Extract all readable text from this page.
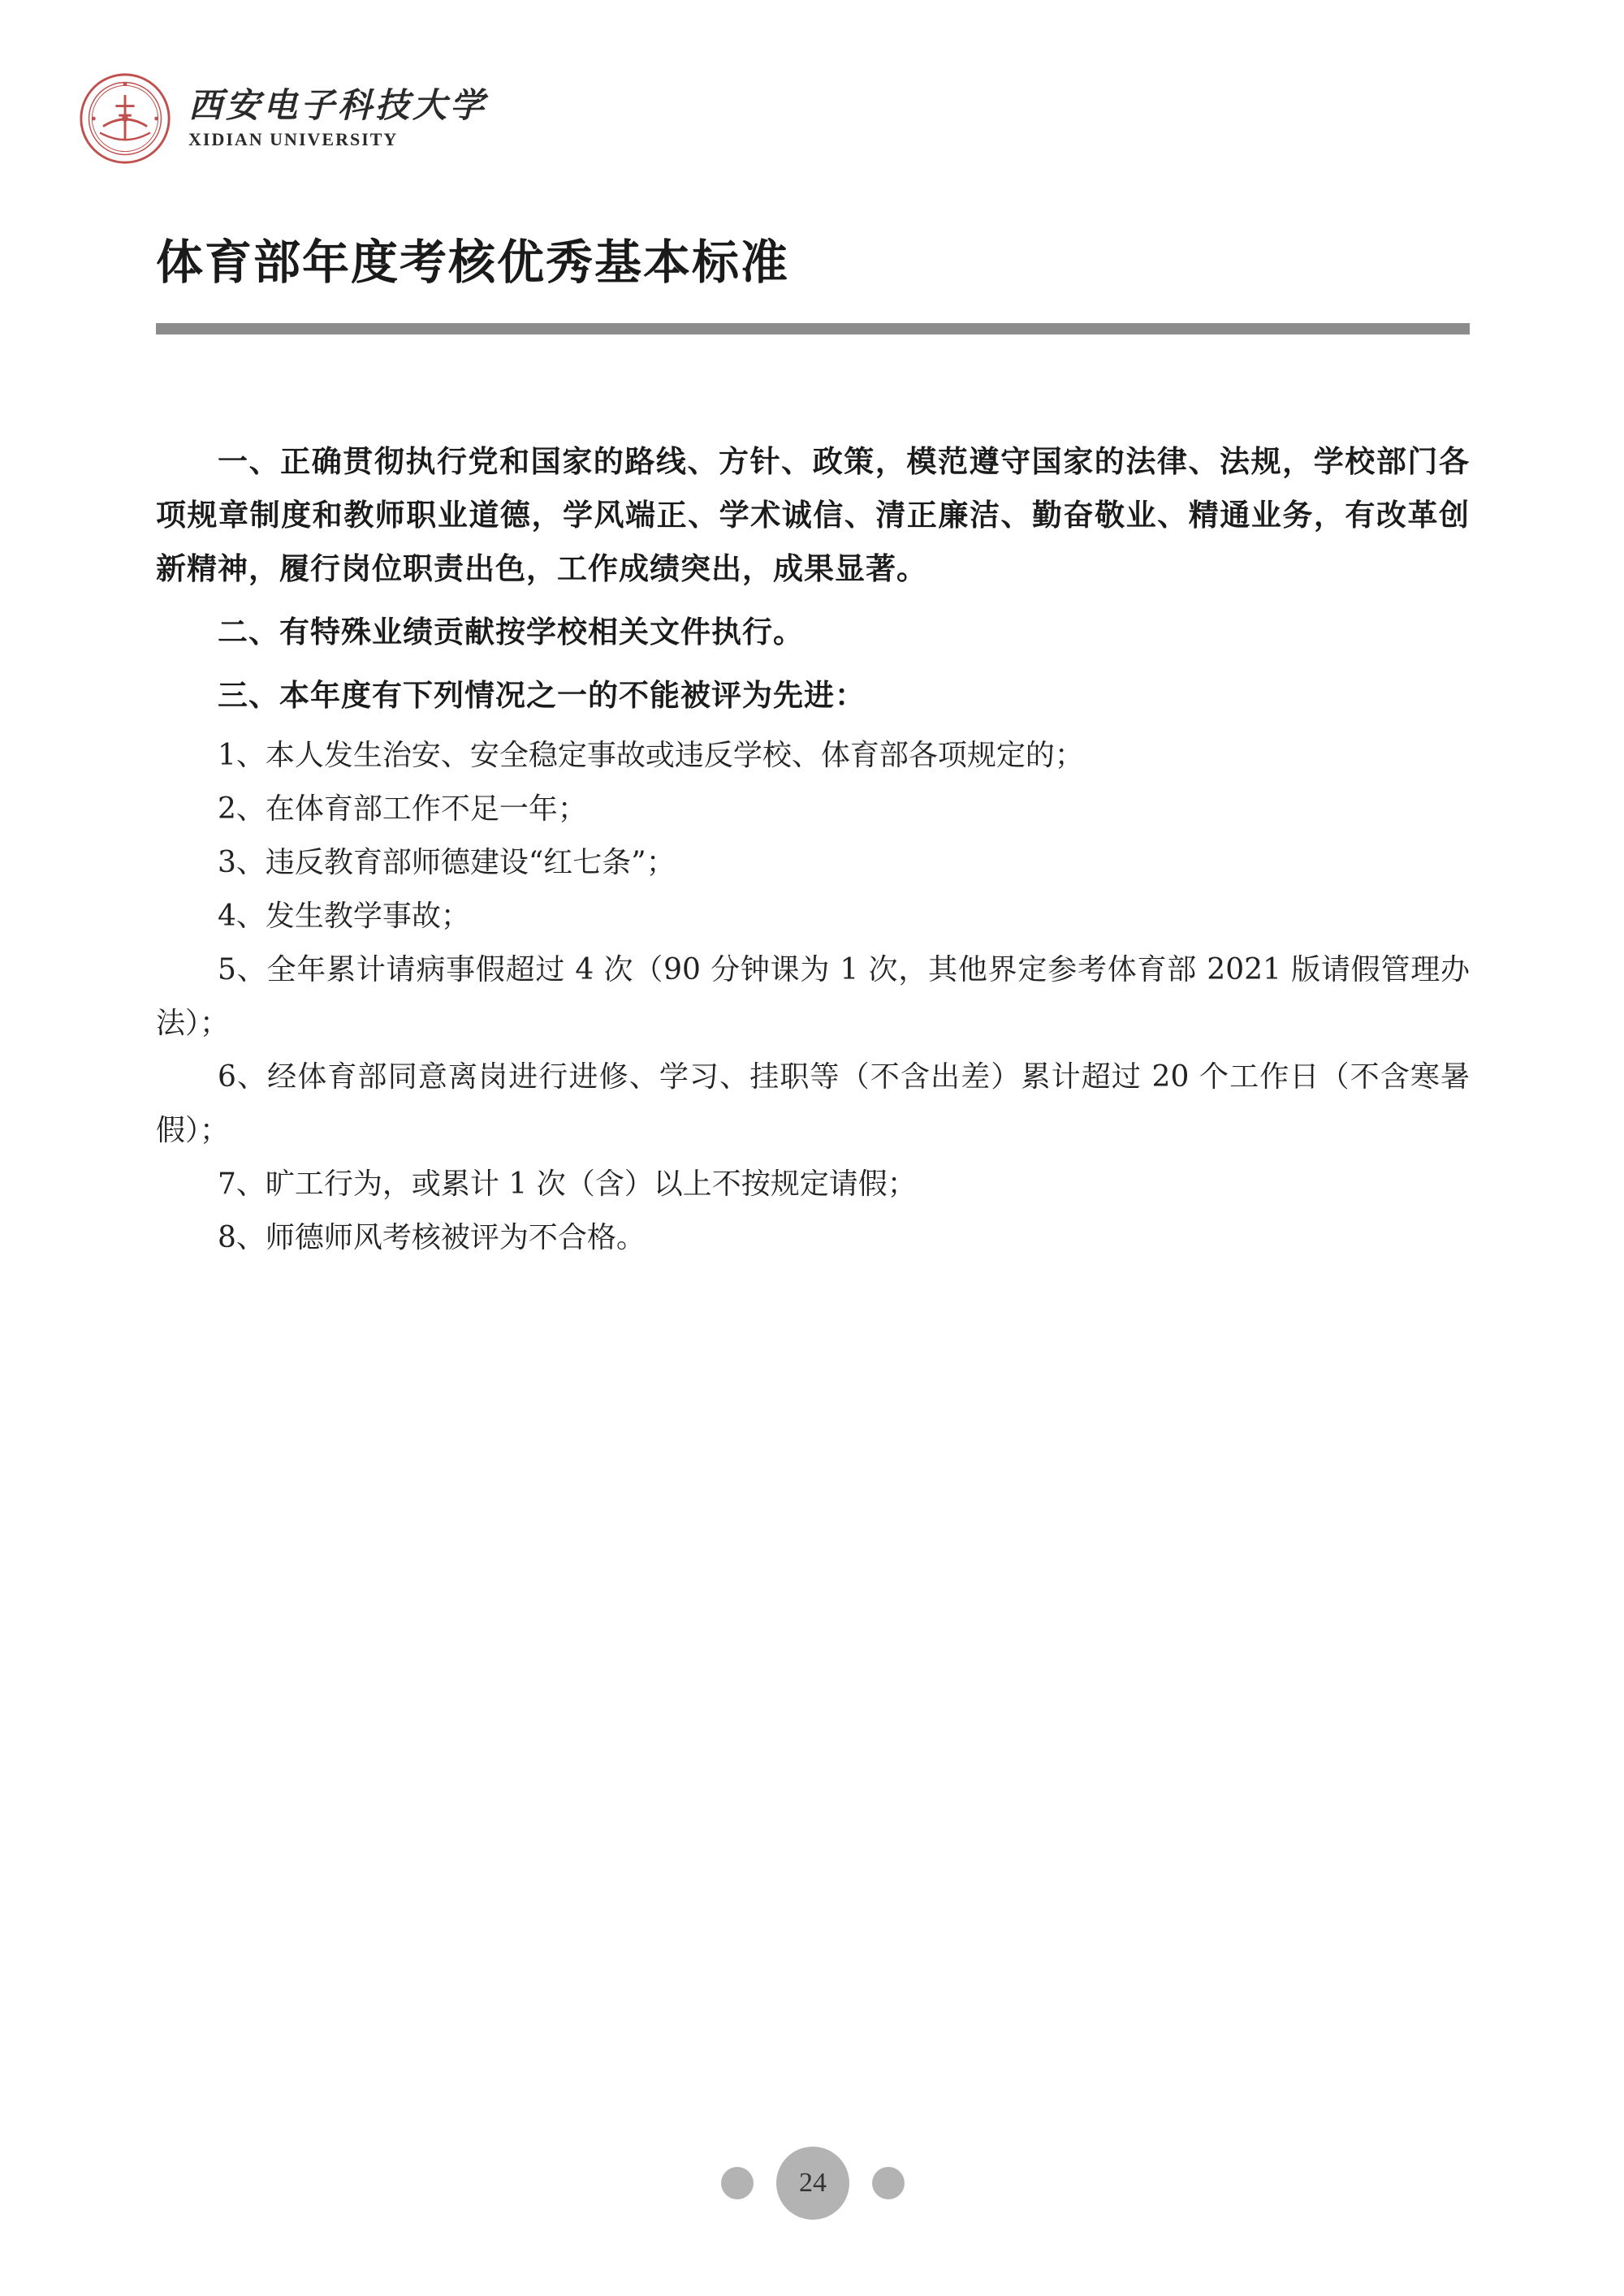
西安电子科技大学
XIDIAN UNIVERSITY
体育部年度考核优秀基本标准

一、正确贯彻执行党和国家的路线、方针、政策，模范遵守国家的法律、法规，学校部门各项规章制度和教师职业道德，学风端正、学术诚信、清正廉洁、勤奋敬业、精通业务，有改革创新精神，履行岗位职责出色，工作成绩突出，成果显著。

二、有特殊业绩贡献按学校相关文件执行。

三、本年度有下列情况之一的不能被评为先进：

1、本人发生治安、安全稳定事故或违反学校、体育部各项规定的；

2、在体育部工作不足一年；

3、违反教育部师德建设“红七条”；

4、发生教学事故；

5、全年累计请病事假超过 4 次（90 分钟课为 1 次，其他界定参考体育部 2021 版请假管理办法）；

6、经体育部同意离岗进行进修、学习、挂职等（不含出差）累计超过 20 个工作日（不含寒暑假）；

7、旷工行为，或累计 1 次（含）以上不按规定请假；

8、师德师风考核被评为不合格。

24
